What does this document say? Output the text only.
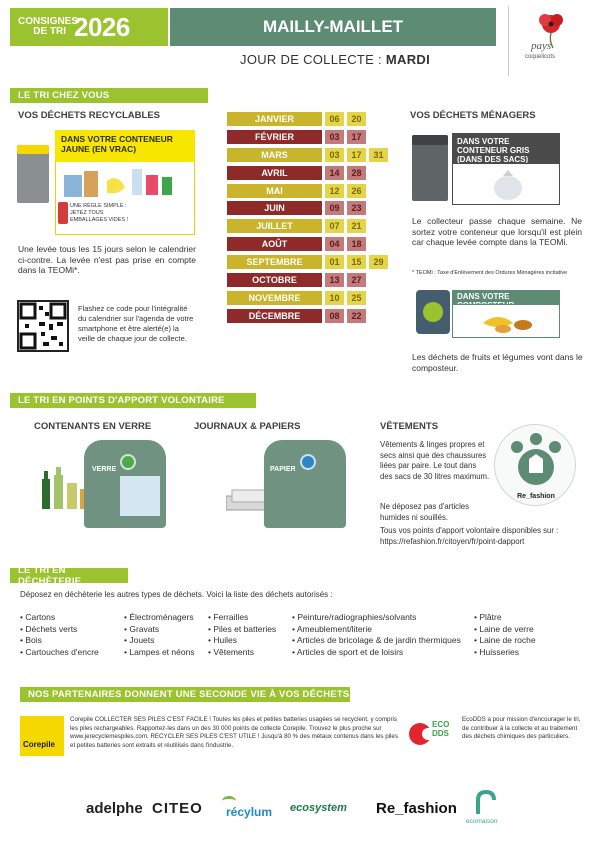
CONSIGNES
DE TRI 2026	MAILLY-MAILLET
JOUR DE COLLECTE : MARDI
pays
coquelicots
LE TRI CHEZ VOUS
VOS DÉCHETS RECYCLABLES
DANS VOTRE CONTENEUR JAUNE (EN VRAC)
UNE RÈGLE SIMPLE :
JETEZ TOUS
EMBALLAGES VIDES !
Une levée tous les 15 jours selon le calendrier ci-contre. La levée n'est pas prise en compte dans la TEOMi*.
Flashez ce code pour l'intégralité du calendrier sur l'agenda de votre smartphone et être alerté(e) la veille de chaque jour de collecte.
JANVIER	06	20
FÉVRIER	03	17
MARS	03	17	31
AVRIL	14	28
MAI	12	26
JUIN	09	23
JUILLET	07	21
AOÛT	04	18
SEPTEMBRE	01	15	29
OCTOBRE	13	27
NOVEMBRE	10	25
DÉCEMBRE	08	22
VOS DÉCHETS MÉNAGERS
DANS VOTRE CONTENEUR GRIS (DANS DES SACS)
Le collecteur passe chaque semaine. Ne sortez votre conteneur que lorsqu'il est plein car chaque levée compte dans la TEOMi.
* TEOMi : Taxe d'Enlèvement des Ordures Ménagères incitative
DANS VOTRE COMPOSTEUR
Les déchets de fruits et légumes vont dans le composteur.
LE TRI EN POINTS D'APPORT VOLONTAIRE
CONTENANTS EN VERRE
VERRE
JOURNAUX & PAPIERS
PAPIER
VÊTEMENTS
Vêtements & linges propres et secs ainsi que des chaussures liées par paire. Le tout dans des sacs de 30 litres maximum.
Ne déposez pas d'articles humides ni souillés.
Tous vos points d'apport volontaire disponibles sur : https://refashion.fr/citoyen/fr/point-dapport
Re_fashion
LE TRI EN DÉCHÈTERIE
Déposez en déchèterie les autres types de déchets. Voici la liste des déchets autorisés :
• Cartons
• Déchets verts
• Bois
• Cartouches d'encre
• Électroménagers
• Gravats
• Jouets
• Lampes et néons
• Ferrailles
• Piles et batteries
• Huiles
• Vêtements
• Peinture/radiographies/solvants
• Ameublement/literie
• Articles de bricolage & de jardin thermiques
• Articles de sport et de loisirs
• Plâtre
• Laine de verre
• Laine de roche
• Huisseries
NOS PARTENAIRES DONNENT UNE SECONDE VIE À VOS DÉCHETS
Corepile
Corepile COLLECTER SES PILES C'EST FACILE ! Toutes les piles et petites batteries usagées se recyclent, y compris les piles rechargeables. Rapportez-les dans un des 30 000 points de collecte Corepile. Trouvez le plus proche sur www.jerecyclemespiles.com. RECYCLER SES PILES C'EST UTILE ! Jusqu'à 80 % des métaux contenus dans les piles et petites batteries sont extraits et réutilisés dans l'industrie.
ECO
DDS
EcoDDS a pour mission d'encourager le tri, de contribuer à la collecte et au traitement des déchets chimiques des particuliers.
adelphe CITEO récylum ecosystem Re_fashion
ecomaison
